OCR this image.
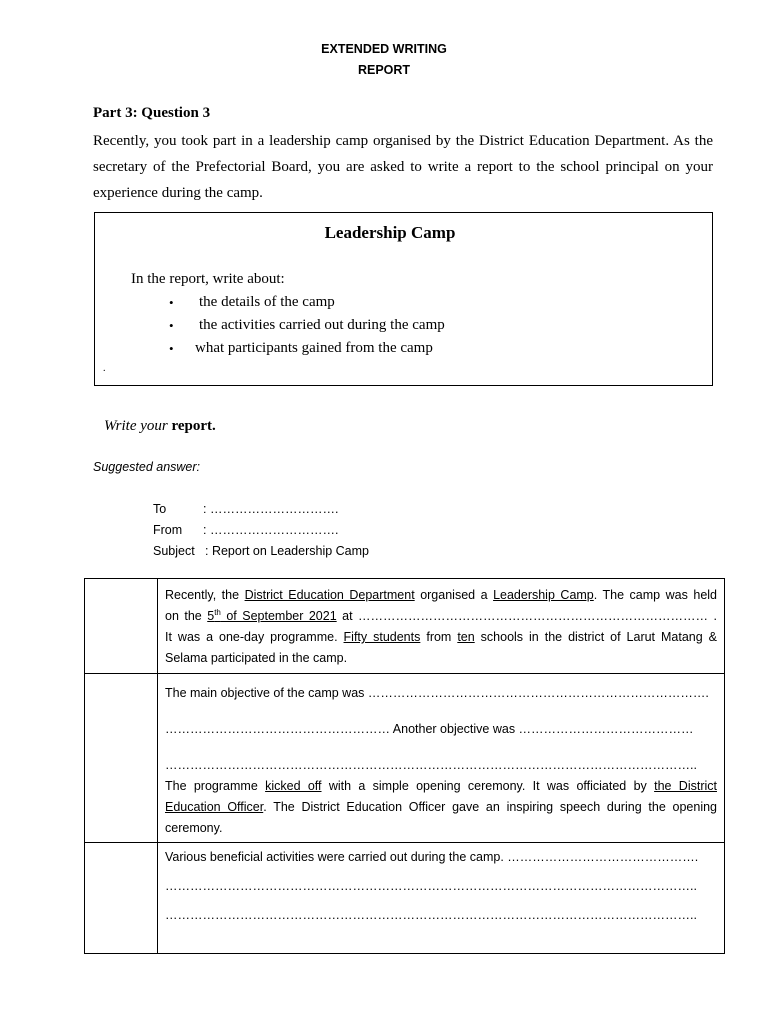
EXTENDED WRITING
REPORT
Part 3: Question 3
Recently, you took part in a leadership camp organised by the District Education Department. As the secretary of the Prefectorial Board, you are asked to write a report to the school principal on your experience during the camp.
Leadership Camp
In the report, write about:
• the details of the camp
• the activities carried out during the camp
• what participants gained from the camp
.
Write your report.
Suggested answer:
To	: ………………………….
From : ………………………….
Subject : Report on Leadership Camp
Recently, the District Education Department organised a Leadership Camp. The camp was held
on the 5th of September 2021 at ………………………………………………………………………… .
It was a one-day programme. Fifty students from ten schools in the district of Larut Matang &
Selama participated in the camp.
The main objective of the camp was ……………………………………………………………………….
……………………………………………… Another objective was ……………………………………
………………………………………………………………………………………………………………..
The programme kicked off with a simple opening ceremony. It was officiated by the District
Education Officer. The District Education Officer gave an inspiring speech during the opening
ceremony.
Various beneficial activities were carried out during the camp. ……………………………………….
………………………………………………………………………………………………………………..
………………………………………………………………………………………………………………..
